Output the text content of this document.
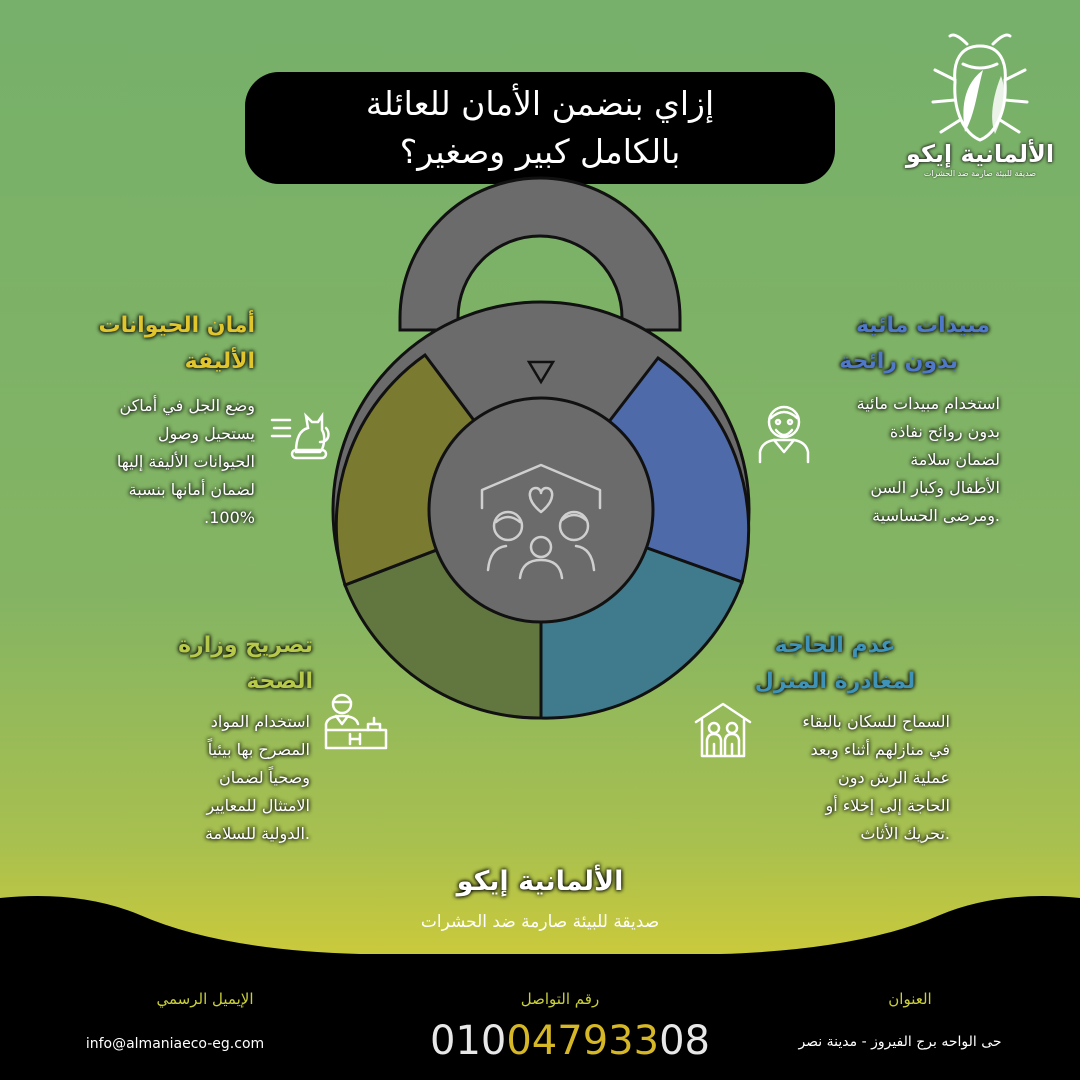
إزاي بنضمن الأمان للعائلة
بالكامل كبير وصغير؟	الألمانية إيكو
صديقة للبيئة صارمة ضد الحشرات
أمان الحيوانات
الأليفة
وضع الجل في أماكن
يستحيل وصول
الحيوانات الأليفة إليها
لضمان أمانها بنسبة
100%.
مبيدات مائية
بدون رائحة
استخدام مبيدات مائية
بدون روائح نفاذة
لضمان سلامة
الأطفال وكبار السن
.ومرضى الحساسية
تصريح وزارة
الصحة
استخدام المواد
المصرح بها بيئياً
وصحياً لضمان
الامتثال للمعايير
.الدولية للسلامة
عدم الحاجة
لمغادرة المنزل
السماح للسكان بالبقاء
في منازلهم أثناء وبعد
عملية الرش دون
الحاجة إلى إخلاء أو
.تحريك الأثاث
الألمانية إيكو
صديقة للبيئة صارمة ضد الحشرات
الإيميل الرسمي
info@almaniaeco-eg.com
رقم التواصل
01004793308
العنوان
حى الواحه برج الفيروز - مدينة نصر
